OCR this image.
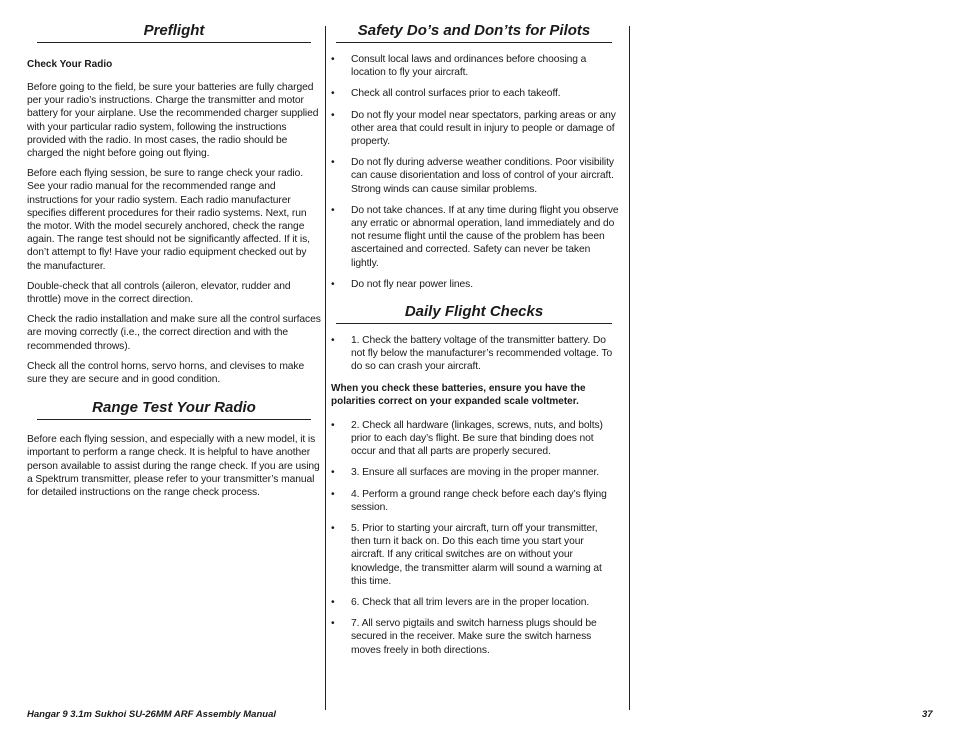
Preflight
Check Your Radio

Before going to the field, be sure your batteries are fully charged per your radio’s instructions. Charge the transmitter and motor battery for your airplane. Use the recommended charger supplied with your particular radio system, following the instructions provided with the radio. In most cases, the radio should be charged the night before going out flying.

Before each flying session, be sure to range check your radio. See your radio manual for the recommended range and instructions for your radio system. Each radio manufacturer specifies different procedures for their radio systems. Next, run the motor. With the model securely anchored, check the range again. The range test should not be significantly affected. If it is, don’t attempt to fly! Have your radio equipment checked out by the manufacturer.

Double-check that all controls (aileron, elevator, rudder and throttle) move in the correct direction.

Check the radio installation and make sure all the control surfaces are moving correctly (i.e., the correct direction and with the recommended throws).

Check all the control horns, servo horns, and clevises to make sure they are secure and in good condition.

Range Test Your Radio

Before each flying session, and especially with a new model, it is important to perform a range check. It is helpful to have another person available to assist during the range check. If you are using a Spektrum transmitter, please refer to your transmitter’s manual for detailed instructions on the range check process.

Safety Do’s and Don’ts for Pilots
• Consult local laws and ordinances before choosing a location to fly your aircraft.
• Check all control surfaces prior to each takeoff.
• Do not fly your model near spectators, parking areas or any other area that could result in injury to people or damage of property.
• Do not fly during adverse weather conditions. Poor visibility can cause disorientation and loss of control of your aircraft. Strong winds can cause similar problems.
• Do not take chances. If at any time during flight you observe any erratic or abnormal operation, land immediately and do not resume flight until the cause of the problem has been ascertained and corrected. Safety can never be taken lightly.
• Do not fly near power lines.
Daily Flight Checks
• 1. Check the battery voltage of the transmitter battery. Do not fly below the manufacturer’s recommended voltage. To do so can crash your aircraft.
When you check these batteries, ensure you have the polarities correct on your expanded scale voltmeter.
• 2. Check all hardware (linkages, screws, nuts, and bolts) prior to each day’s flight. Be sure that binding does not occur and that all parts are properly secured.
• 3. Ensure all surfaces are moving in the proper manner.
• 4. Perform a ground range check before each day’s flying session.
• 5. Prior to starting your aircraft, turn off your transmitter, then turn it back on. Do this each time you start your aircraft. If any critical switches are on without your knowledge, the transmitter alarm will sound a warning at this time.
• 6. Check that all trim levers are in the proper location.
• 7. All servo pigtails and switch harness plugs should be secured in the receiver. Make sure the switch harness moves freely in both directions.
Hangar 9 3.1m Sukhoi SU-26MM ARF Assembly Manual	37
